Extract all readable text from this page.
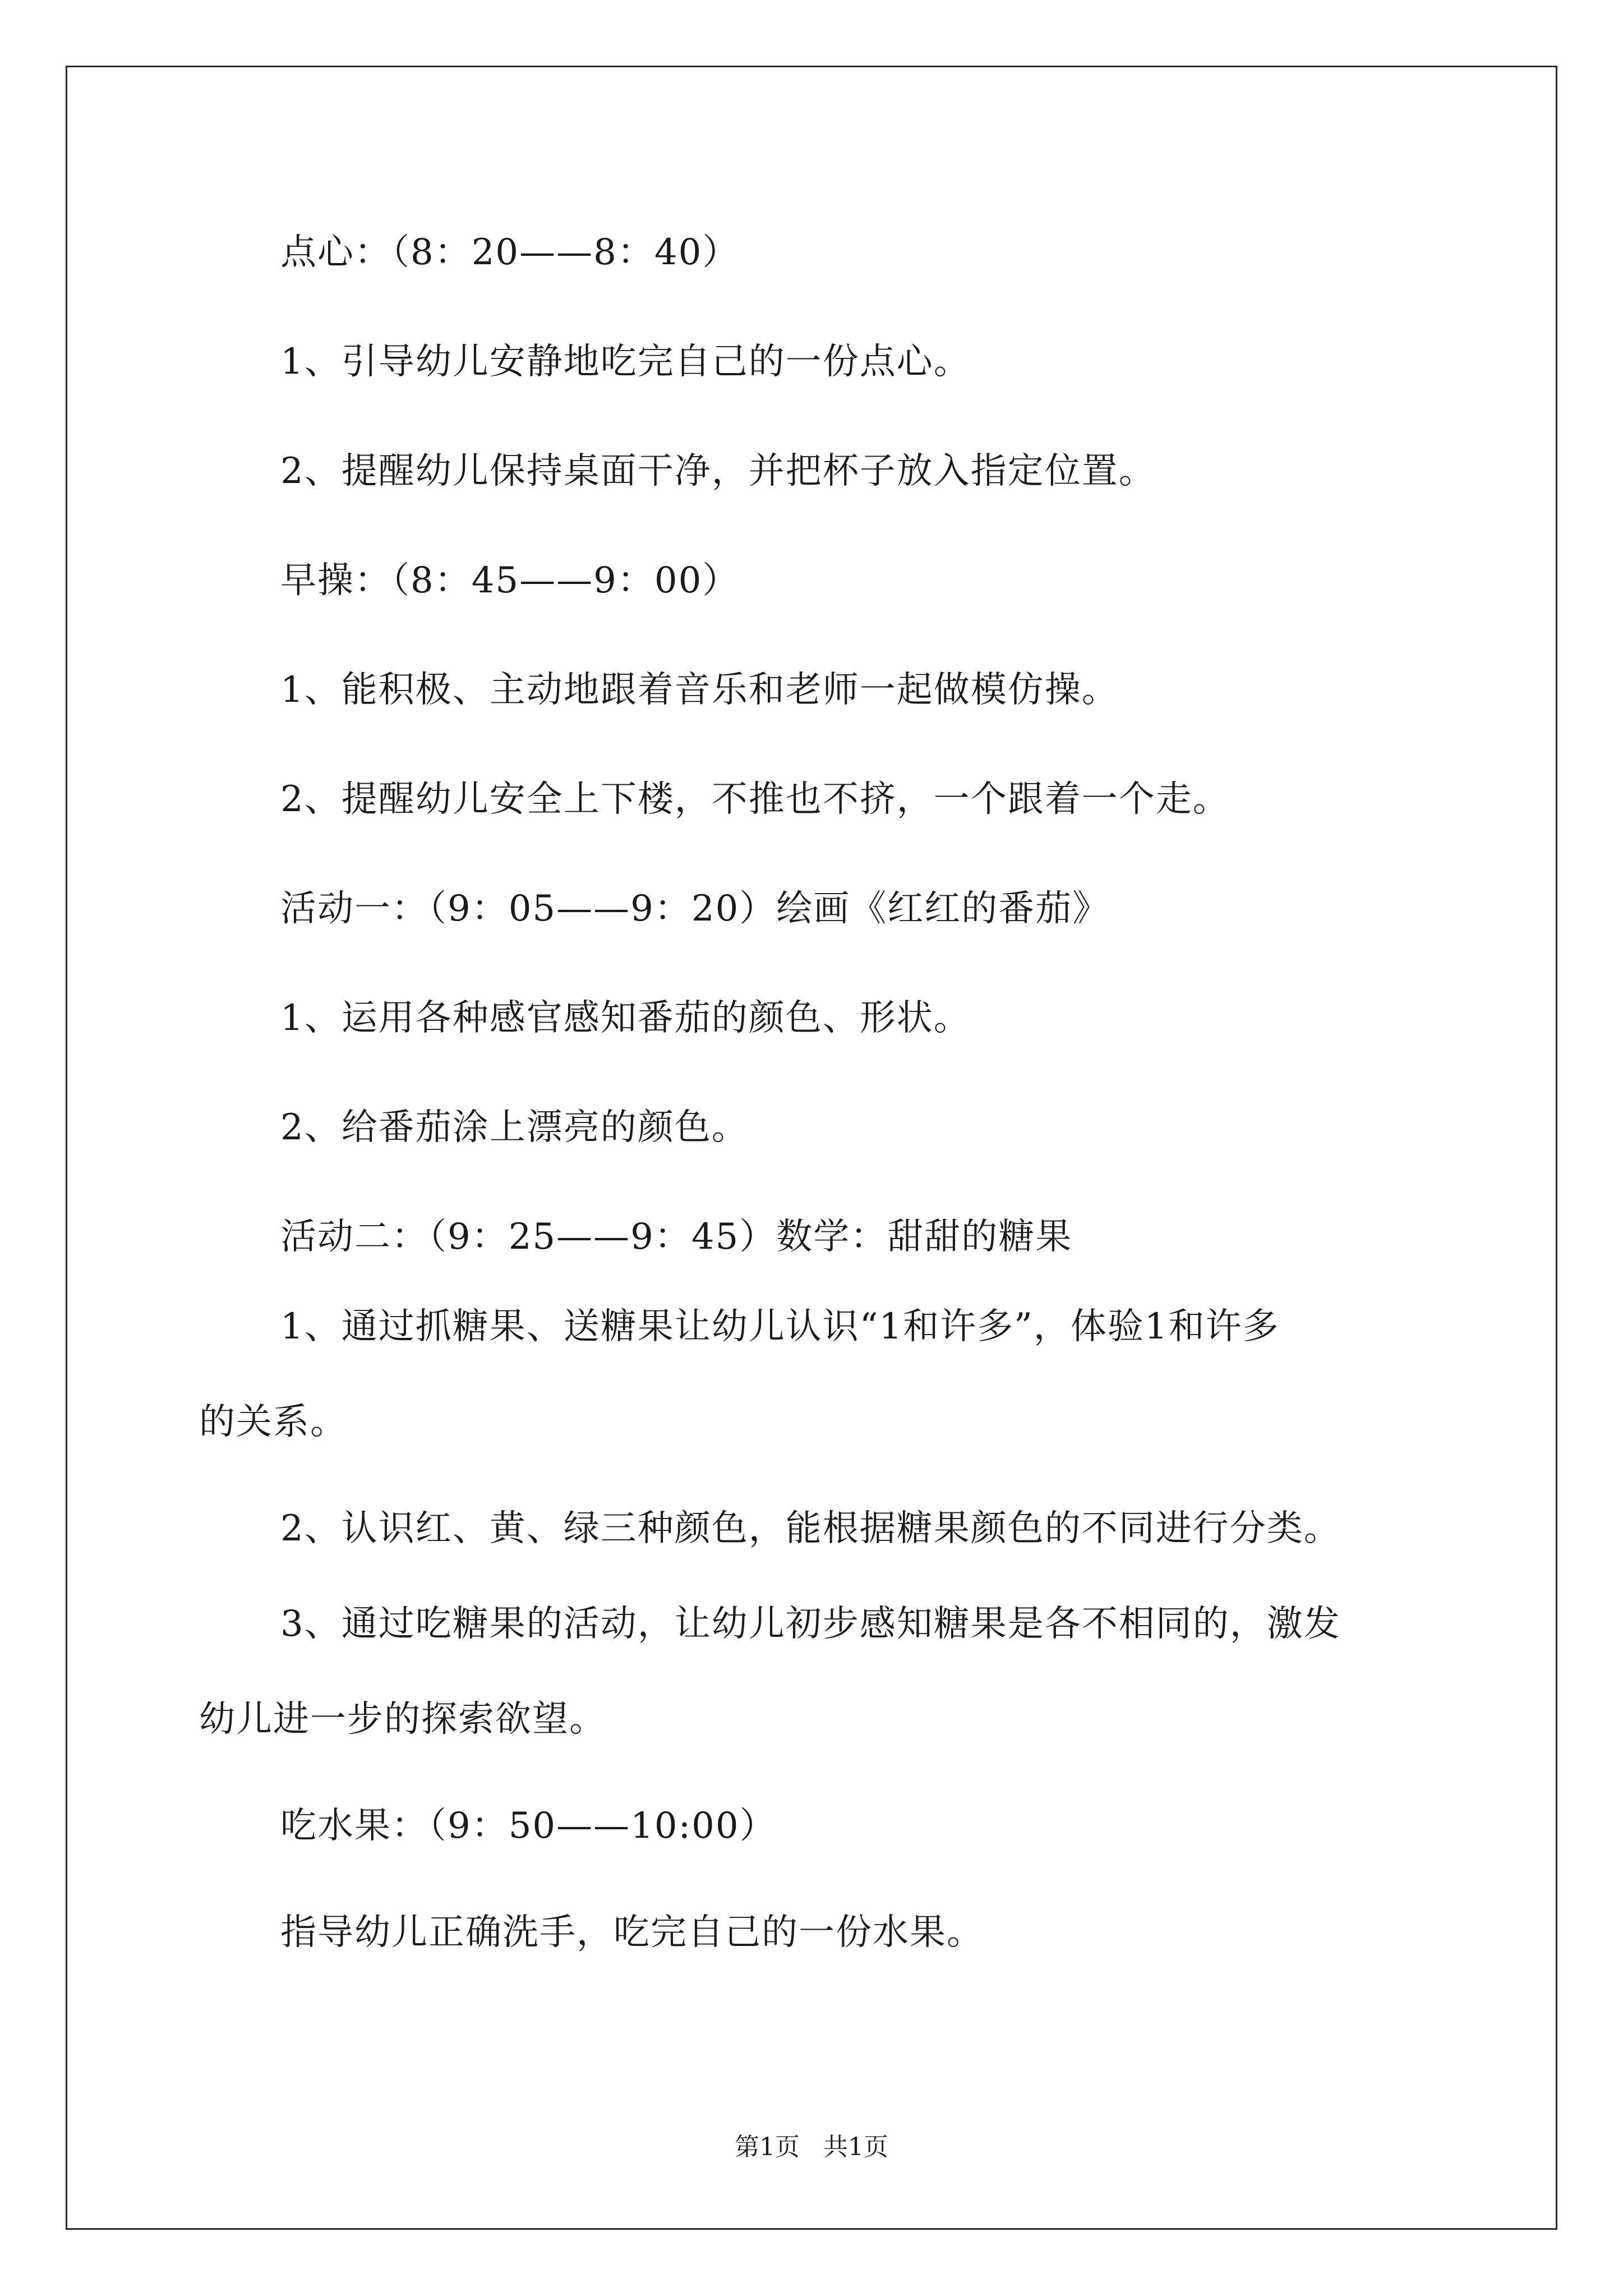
点心：（8：20——8：40）
1、引导幼儿安静地吃完自己的一份点心。
2、提醒幼儿保持桌面干净，并把杯子放入指定位置。
早操：（8：45——9：00）
1、能积极、主动地跟着音乐和老师一起做模仿操。
2、提醒幼儿安全上下楼，不推也不挤，一个跟着一个走。
活动一：（9：05——9：20）绘画《红红的番茄》
1、运用各种感官感知番茄的颜色、形状。
2、给番茄涂上漂亮的颜色。
活动二：（9：25——9：45）数学：甜甜的糖果
1、通过抓糖果、送糖果让幼儿认识“1和许多”，体验1和许多
的关系。
2、认识红、黄、绿三种颜色，能根据糖果颜色的不同进行分类。
3、通过吃糖果的活动，让幼儿初步感知糖果是各不相同的，激发
幼儿进一步的探索欲望。
吃水果：（9：50——10:00）
指导幼儿正确洗手，吃完自己的一份水果。
第1页   共1页
